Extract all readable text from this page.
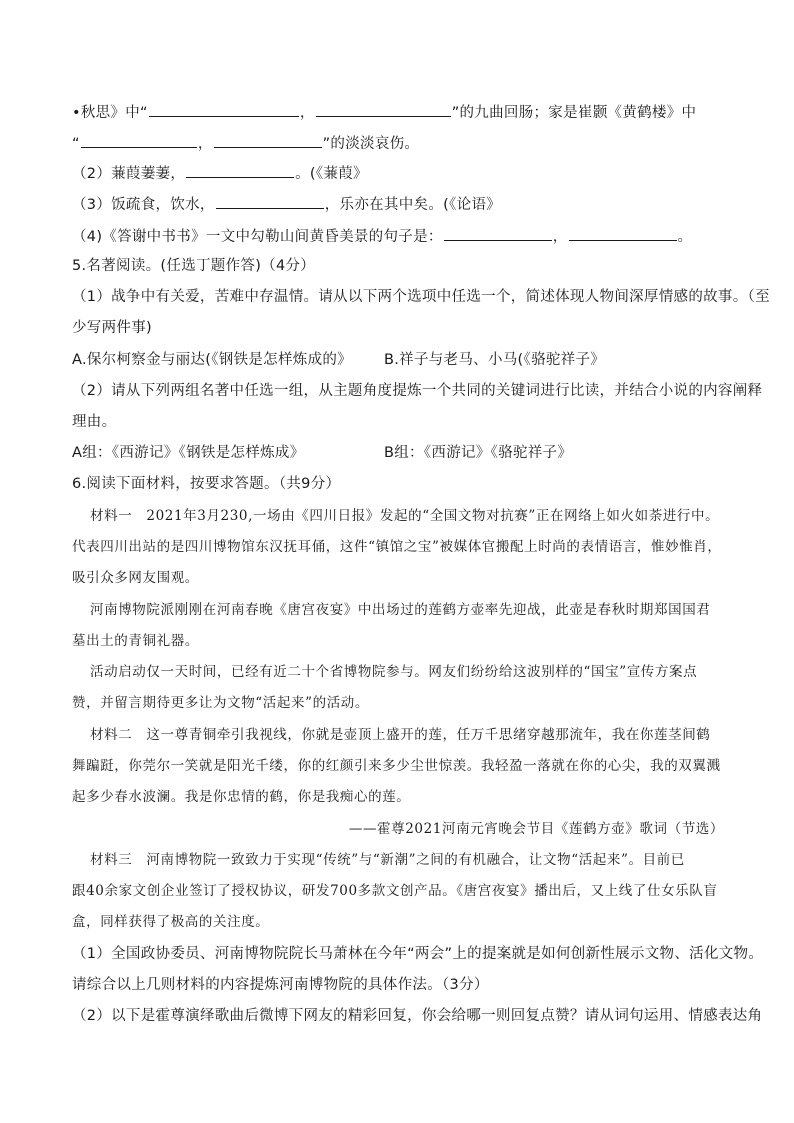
•秋思》中“	，	”的九曲回肠；家是崔颢《黄鹤楼》中
“	，	”的淡淡哀伤。
（2）蒹葭萋萋，	。(《蒹葭》
（3）饭疏食，饮水，	，乐亦在其中矣。(《论语》
（4)《答谢中书书》一文中勾勒山间黄昏美景的句子是：	，	。
5.名著阅读。(任选丁题作答)（4分）
（1）战争中有关爱，苦难中存温情。请从以下两个选项中任选一个，简述体现人物间深厚情感的故事。（至
少写两件事)
A.保尔柯察金与丽达(《钢铁是怎样炼成的》 B.祥子与老马、小马(《骆驼祥子》
（2）请从下列两组名著中任选一组，从主题角度提炼一个共同的关键词进行比读，并结合小说的内容阐释
理由。
A组：《西游记》《钢铁是怎样炼成》	B组：《西游记》《骆驼祥子》
6.阅读下面材料，按要求答题。（共9分）
材料一　2021年3月230,一场由《四川日报》发起的“全国文物对抗赛”正在网络上如火如荼进行中。
代表四川出站的是四川博物馆东汉抚耳俑，这件“镇馆之宝”被媒体官搬配上时尚的表情语言，惟妙惟肖，
吸引众多网友围观。
河南博物院派刚刚在河南春晚《唐宫夜宴》中出场过的莲鹤方壶率先迎战，此壶是春秋时期郑国国君
墓出土的青铜礼器。
活动启动仅一天时间，已经有近二十个省博物院参与。网友们纷纷给这波别样的“国宝”宣传方案点
赞，并留言期待更多让为文物“活起来”的活动。
材料二　这一尊青铜牵引我视线，你就是壶顶上盛开的莲，任万千思绪穿越那流年，我在你莲茎间鹤
舞蹁跹，你莞尔一笑就是阳光千缕，你的红颜引来多少尘世惊羡。我轻盈一落就在你的心尖，我的双翼溅
起多少春水波澜。我是你忠情的鹤，你是我痴心的莲。
——霍尊2021河南元宵晚会节目《莲鹤方壶》歌词（节选）
材料三　河南博物院一致致力于实现“传统”与“新潮”之间的有机融合，让文物“活起来”。目前已
跟40余家文创企业签订了授权协议，研发700多款文创产品。《唐宫夜宴》播出后，又上线了仕女乐队盲
盒，同样获得了极高的关注度。
（1）全国政协委员、河南博物院院长马萧林在今年“两会”上的提案就是如何创新性展示文物、活化文物。
请综合以上几则材料的内容提炼河南博物院的具体作法。（3分）
（2）以下是霍尊演绎歌曲后微博下网友的精彩回复，你会给哪一则回复点赞？请从词句运用、情感表达角
